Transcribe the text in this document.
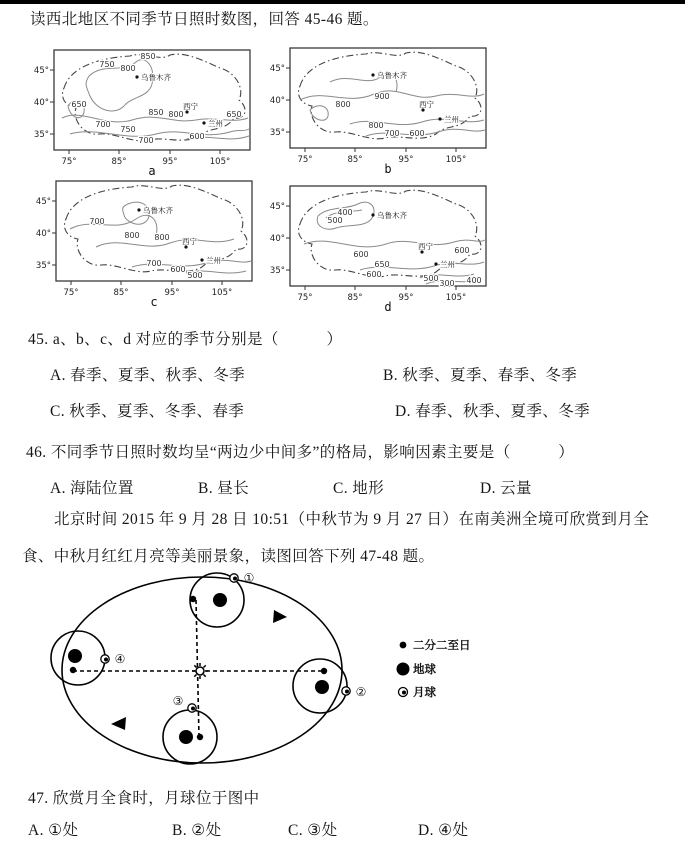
读西北地区不同季节日照时数图，回答 45-46 题。
45°
40°
35°
75°	85°	95°	105°
750
850
800
650
700
850 800
750
700
650
600
乌鲁木齐
西宁
兰州
a
45°
40°
35°
75°	85°	95°	105°
900
800
800
700 600
乌鲁木齐
西宁
兰州
b
45°
40°
35°
75°	85°	95°	105°
700
800 800
700
600
500
乌鲁木齐
西宁
兰州
c
45°
40°
35°
75°	85°	95°	105°
400
500
600
650
600
600
500
300 400
乌鲁木齐
西宁
兰州
d
45. a、b、c、d 对应的季节分别是（　　　）
A. 春季、夏季、秋季、冬季	B. 秋季、夏季、春季、冬季
C. 秋季、夏季、冬季、春季	D. 春季、秋季、夏季、冬季
46. 不同季节日照时数均呈“两边少中间多”的格局，影响因素主要是（　　　）
A. 海陆位置	B. 昼长	C. 地形	D. 云量
北京时间 2015 年 9 月 28 日 10:51（中秋节为 9 月 27 日）在南美洲全境可欣赏到月全食、中秋月红红月亮等美丽景象，读图回答下列 47-48 题。
①
②
③
④
二分二至日
地球
月球
47. 欣赏月全食时，月球位于图中
A. ①处	B. ②处	C. ③处	D. ④处
